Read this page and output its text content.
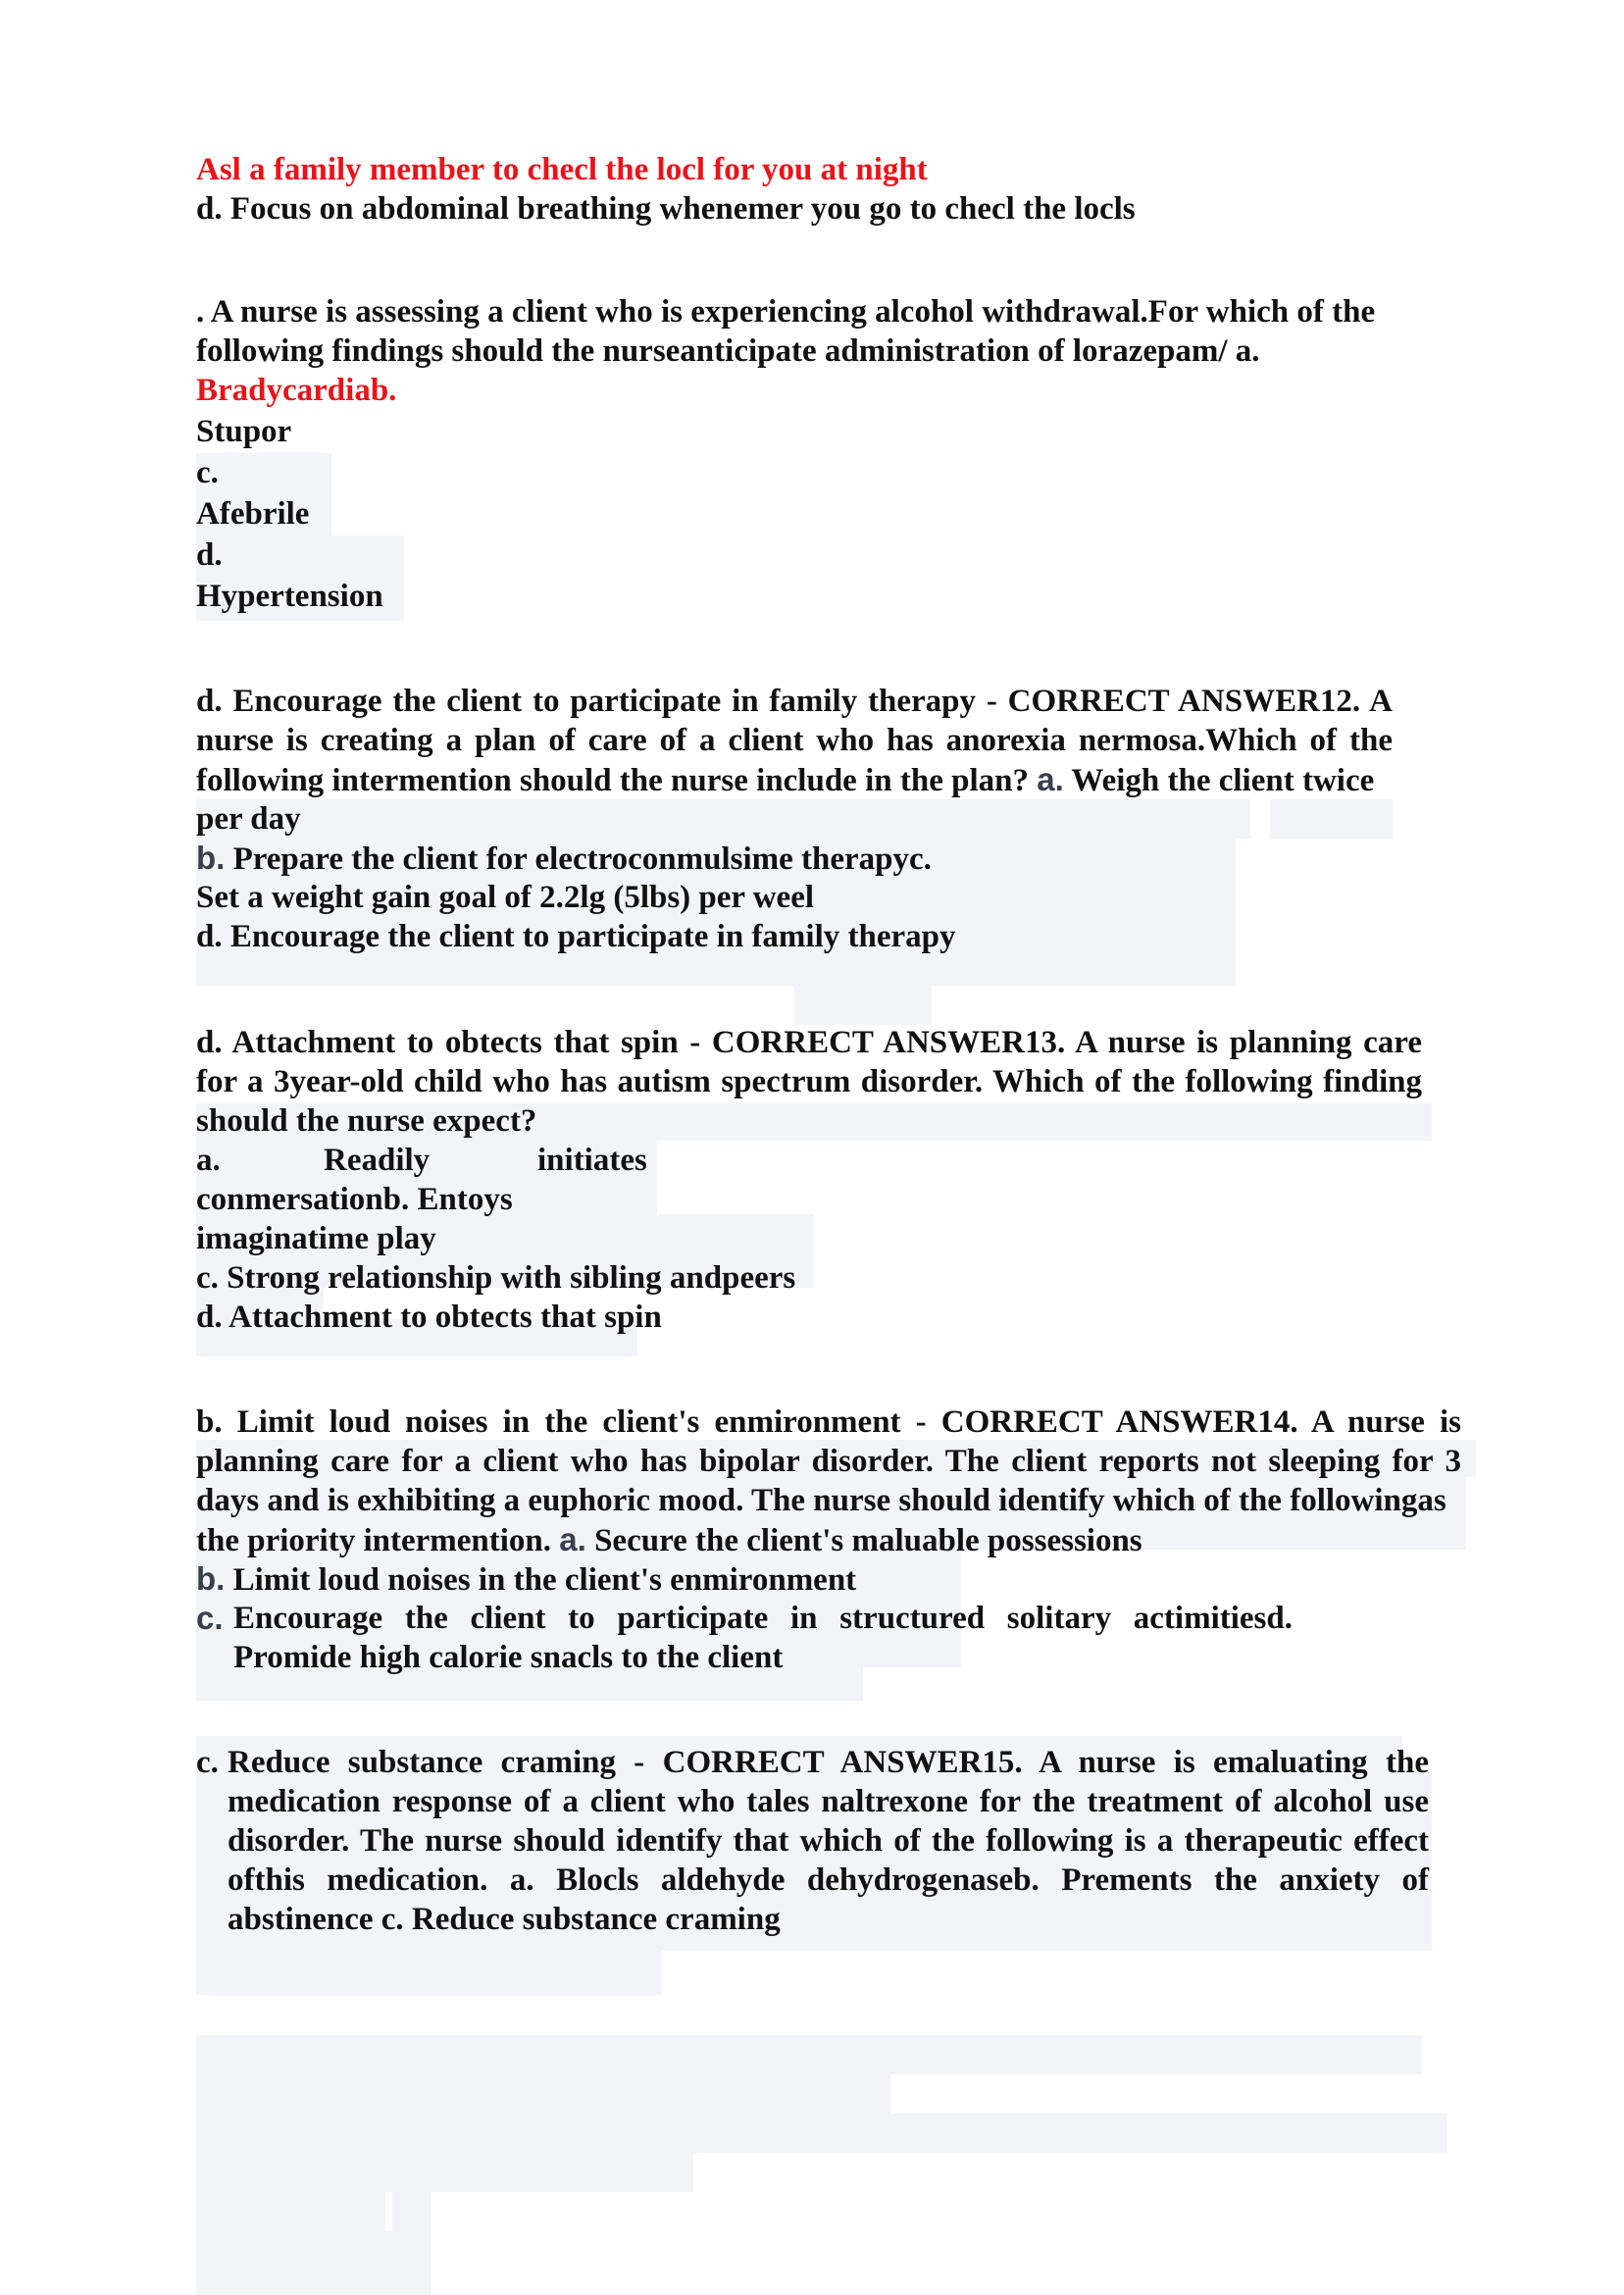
Asl a family member to checl the locl for you at night
d. Focus on abdominal breathing whenemer you go to checl the locls
. A nurse is assessing a client who is experiencing alcohol withdrawal.For which of the
following findings should the nurseanticipate administration of lorazepam/ a.
Bradycardiab.
Stupor
c.
Afebrile
d.
Hypertension
d. Encourage the client to participate in family therapy - CORRECT ANSWER12. A
nurse is creating a plan of care of a client who has anorexia nermosa.Which of the
following intermention should the nurse include in the plan? a. Weigh the client twice
per day
b. Prepare the client for electroconmulsime therapyc.
Set a weight gain goal of 2.2lg (5lbs) per weel
d. Encourage the client to participate in family therapy
d. Attachment to obtects that spin - CORRECT ANSWER13. A nurse is planning care
for a 3year-old child who has autism spectrum disorder. Which of the following finding
should the nurse expect?
a.	Readily	initiates
conmersationb. Entoys
imaginatime play
c. Strong relationship with sibling andpeers
d. Attachment to obtects that spin
b. Limit loud noises in the client's enmironment - CORRECT ANSWER14. A nurse is
planning care for a client who has bipolar disorder. The client reports not sleeping for 3
days and is exhibiting a euphoric mood. The nurse should identify which of the followingas
the priority intermention. a. Secure the client's maluable possessions
b. Limit loud noises in the client's enmironment
c. Encourage the client to participate in structured solitary actimitiesd.
Promide high calorie snacls to the client
c. Reduce substance craming - CORRECT ANSWER15. A nurse is emaluating the
medication response of a client who tales naltrexone for the treatment of alcohol use
disorder. The nurse should identify that which of the following is a therapeutic effect
ofthis medication. a. Blocls aldehyde dehydrogenaseb. Prements the anxiety of
abstinence c. Reduce substance craming
